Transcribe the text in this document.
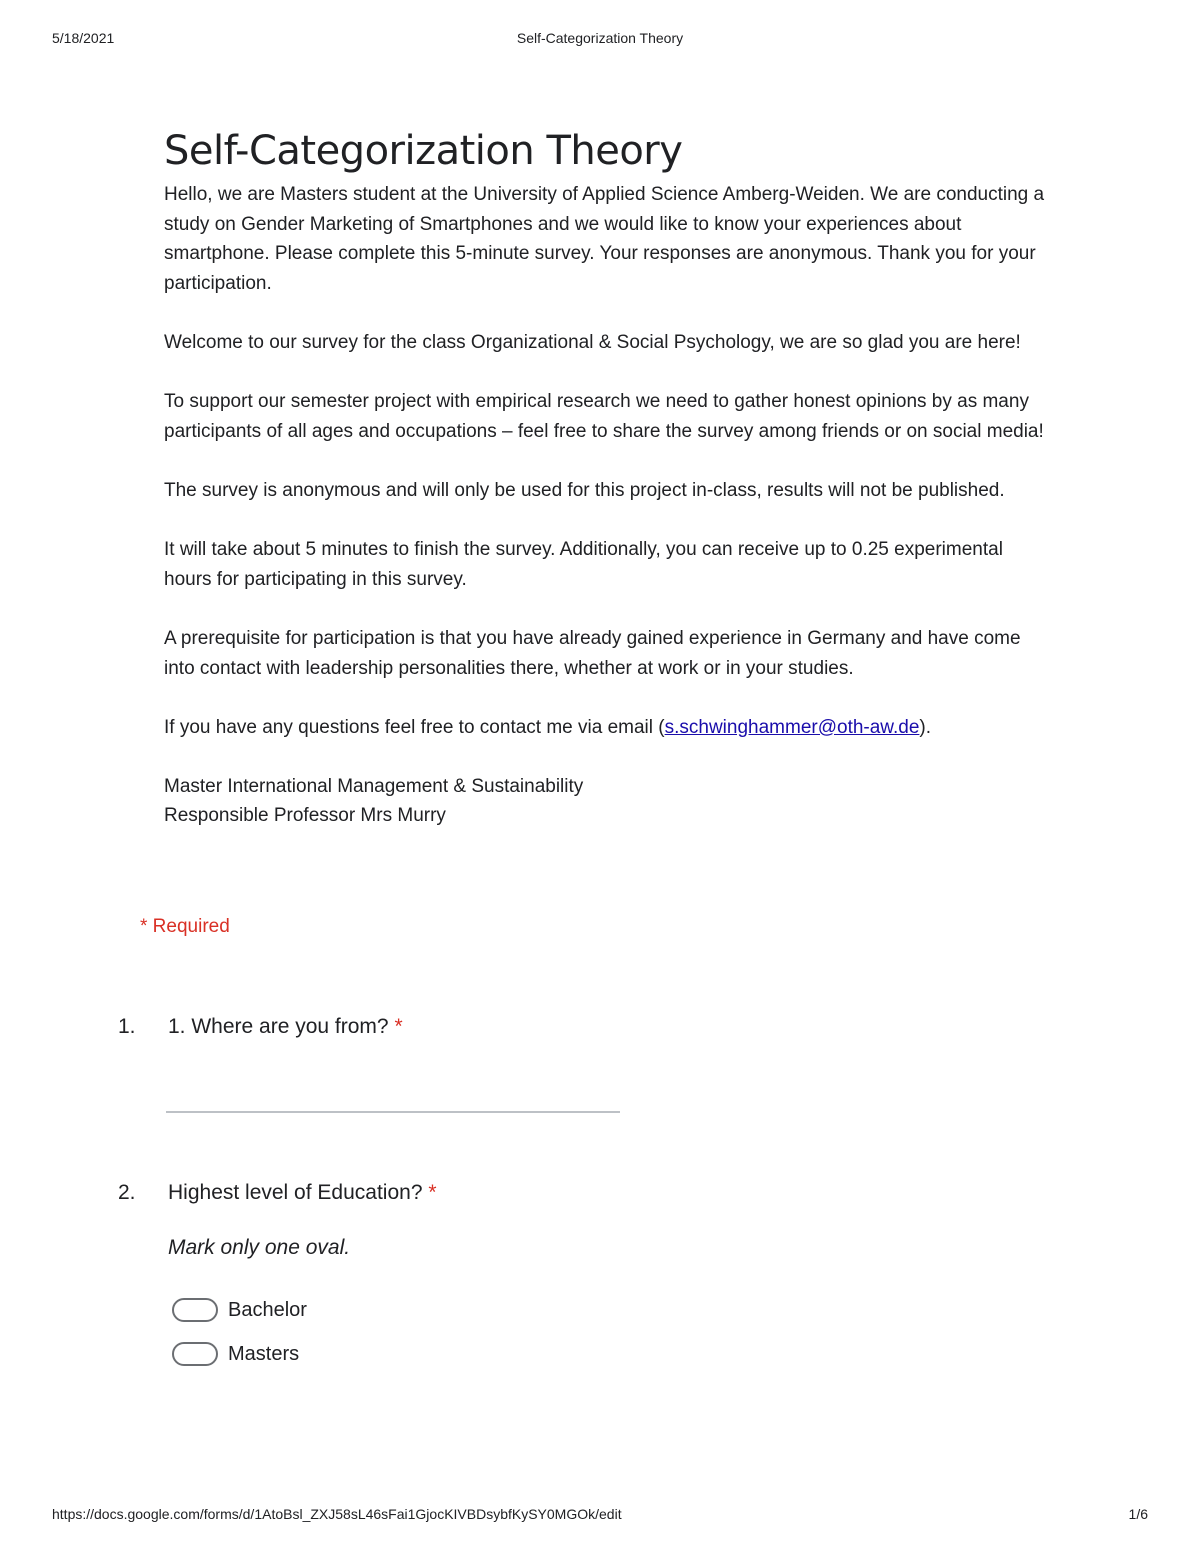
5/18/2021	Self-Categorization Theory
Self-Categorization Theory

Hello, we are Masters student at the University of Applied Science Amberg-Weiden. We are conducting a study on Gender Marketing of Smartphones and we would like to know your experiences about smartphone. Please complete this 5-minute survey. Your responses are anonymous. Thank you for your participation.

Welcome to our survey for the class Organizational & Social Psychology, we are so glad you are here!

To support our semester project with empirical research we need to gather honest opinions by as many participants of all ages and occupations – feel free to share the survey among friends or on social media!

The survey is anonymous and will only be used for this project in-class, results will not be published.

It will take about 5 minutes to finish the survey. Additionally, you can receive up to 0.25 experimental hours for participating in this survey.

A prerequisite for participation is that you have already gained experience in Germany and have come into contact with leadership personalities there, whether at work or in your studies.

If you have any questions feel free to contact me via email (s.schwinghammer@oth-aw.de).

Master International Management & Sustainability

Responsible Professor Mrs Murry

* Required
1. 1. Where are you from? *
2. Highest level of Education? *
Mark only one oval.
Bachelor
Masters
https://docs.google.com/forms/d/1AtoBsl_ZXJ58sL46sFai1GjocKIVBDsybfKySY0MGOk/edit	1/6
